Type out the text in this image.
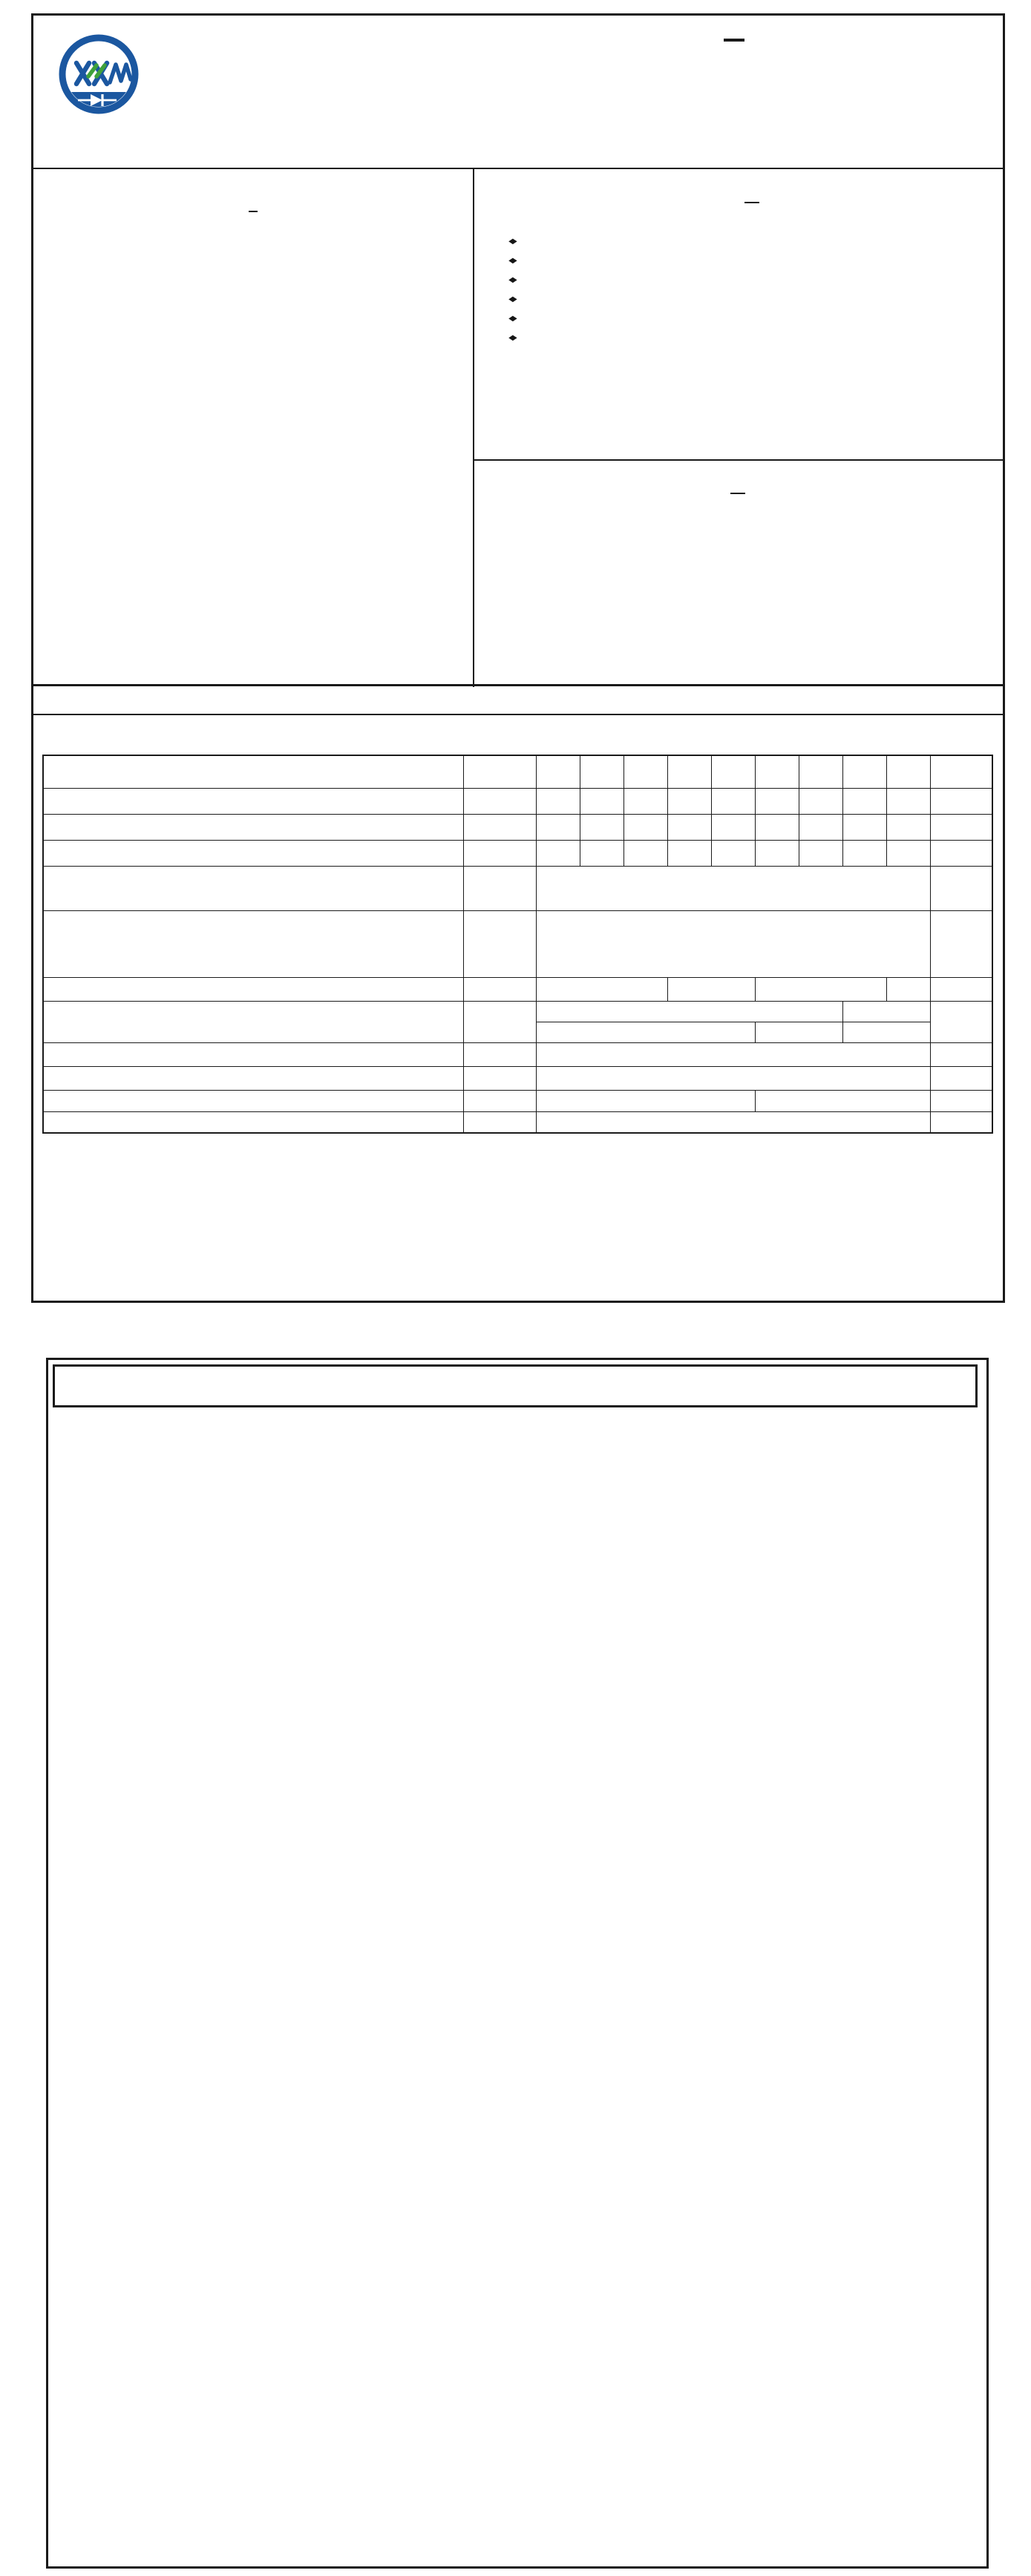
◆
◆
◆
◆
◆
◆
